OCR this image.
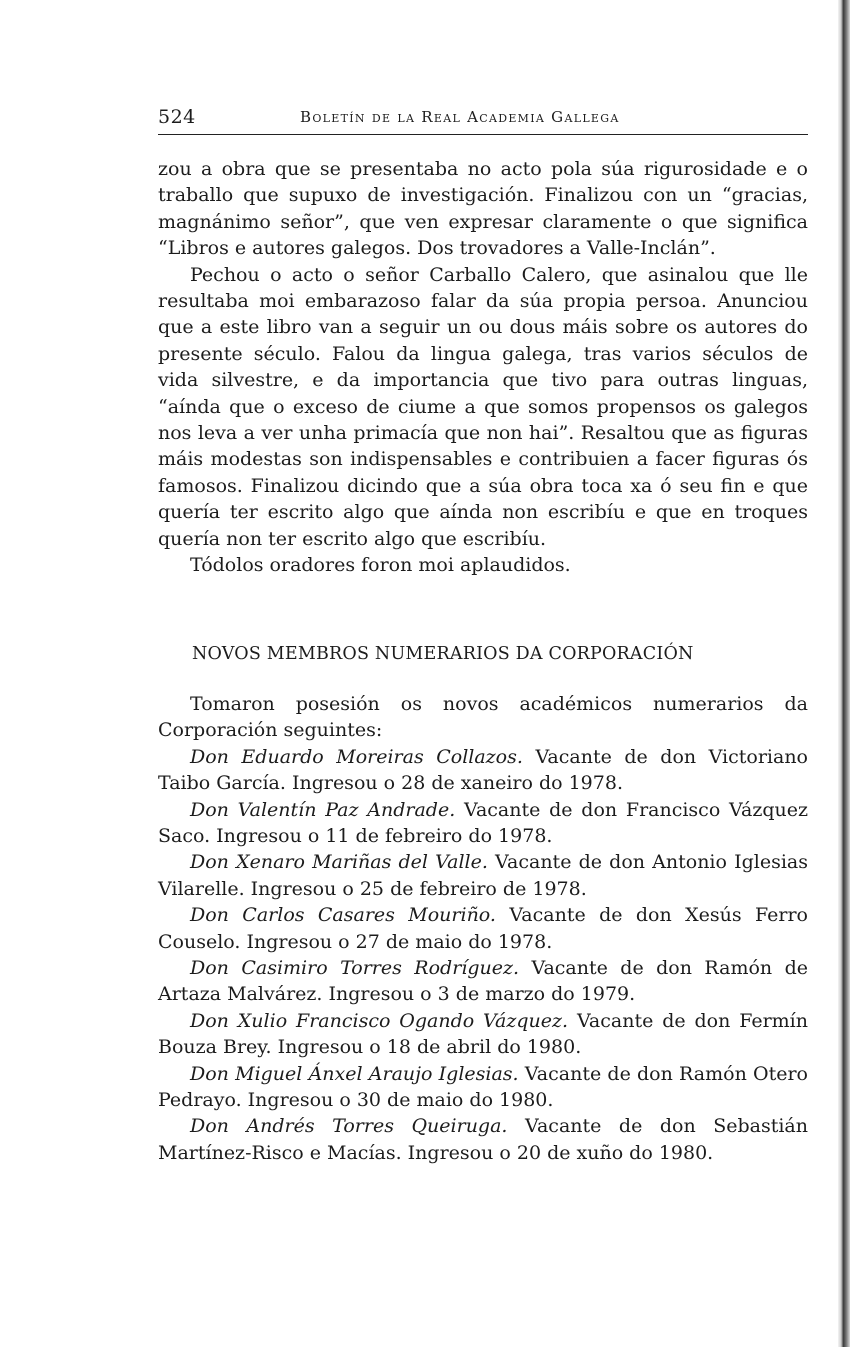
524	Boletín de la Real Academia Gallega

zou a obra que se presentaba no acto pola súa rigurosidade e o traballo que supuxo de investigación. Finalizou con un “gracias, magnánimo señor”, que ven expresar claramente o que significa “Libros e autores galegos. Dos trovadores a Valle-Inclán”.

Pechou o acto o señor Carballo Calero, que asinalou que lle resultaba moi embarazoso falar da súa propia persoa. Anunciou que a este libro van a seguir un ou dous máis sobre os autores do presente século. Falou da lingua galega, tras varios séculos de vida silvestre, e da importancia que tivo para outras linguas, “aínda que o exceso de ciume a que somos propensos os galegos nos leva a ver unha primacía que non hai”. Resaltou que as figuras máis modestas son indispensables e contribuien a facer figuras ós famosos. Finalizou dicindo que a súa obra toca xa ó seu fin e que quería ter escrito algo que aínda non escribíu e que en troques quería non ter escrito algo que escribíu.

Tódolos oradores foron moi aplaudidos.

NOVOS MEMBROS NUMERARIOS DA CORPORACIÓN

Tomaron posesión os novos académicos numerarios da Corporación seguintes:

Don Eduardo Moreiras Collazos. Vacante de don Victoriano Taibo García. Ingresou o 28 de xaneiro do 1978.

Don Valentín Paz Andrade. Vacante de don Francisco Vázquez Saco. Ingresou o 11 de febreiro do 1978.

Don Xenaro Mariñas del Valle. Vacante de don Antonio Iglesias Vilarelle. Ingresou o 25 de febreiro de 1978.

Don Carlos Casares Mouriño. Vacante de don Xesús Ferro Couselo. Ingresou o 27 de maio do 1978.

Don Casimiro Torres Rodríguez. Vacante de don Ramón de Artaza Malvárez. Ingresou o 3 de marzo do 1979.

Don Xulio Francisco Ogando Vázquez. Vacante de don Fermín Bouza Brey. Ingresou o 18 de abril do 1980.

Don Miguel Ánxel Araujo Iglesias. Vacante de don Ramón Otero Pedrayo. Ingresou o 30 de maio do 1980.

Don Andrés Torres Queiruga. Vacante de don Sebastián Martínez-Risco e Macías. Ingresou o 20 de xuño do 1980.
